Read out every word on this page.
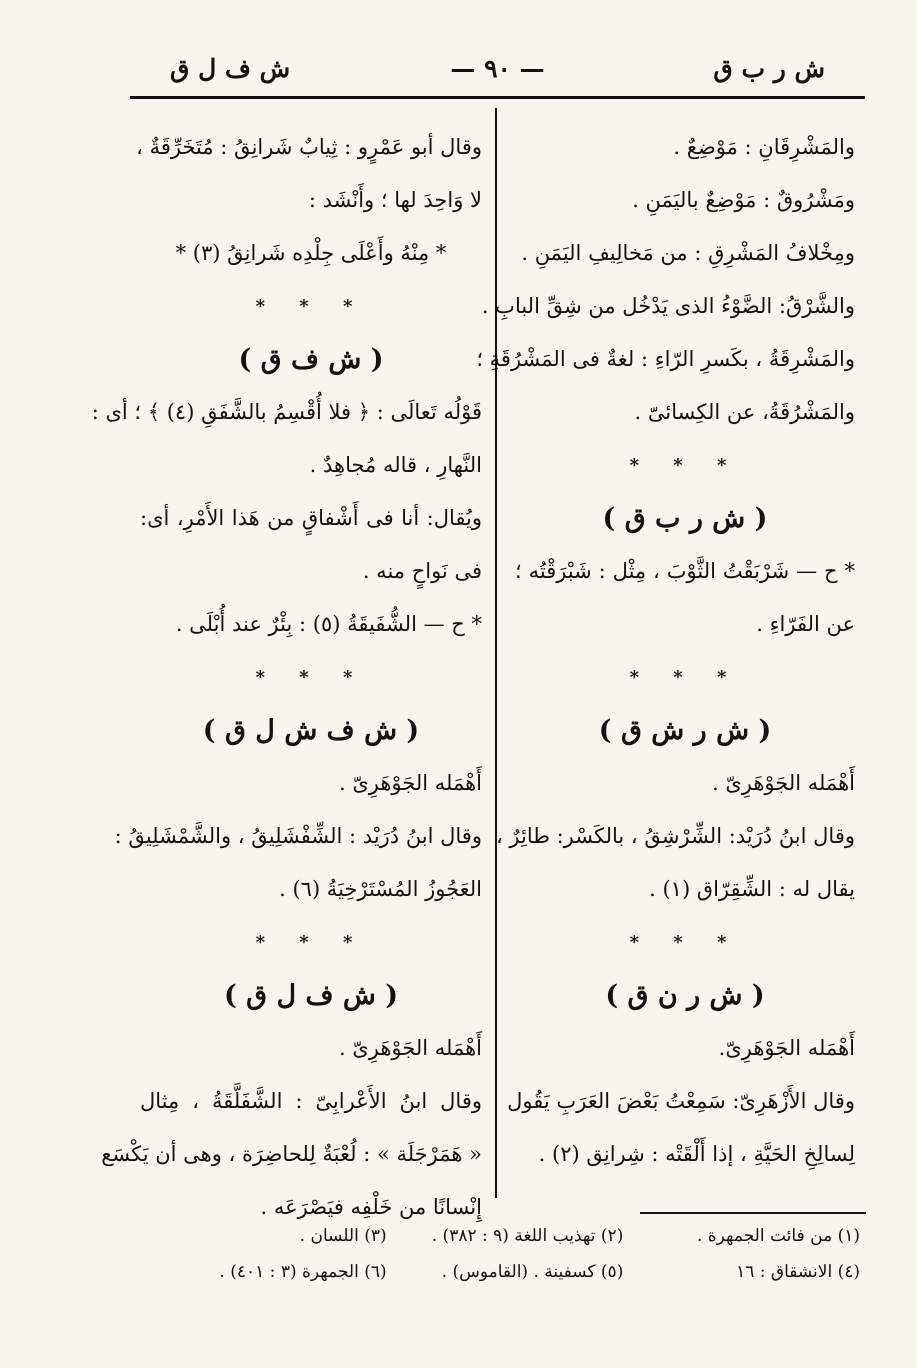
ش ر ب ق
— ٩٠ —
ش ف ل ق
والمَشْرِقَانِ : مَوْضِعٌ .
ومَشْرُوقٌ : مَوْضِعٌ باليَمَنِ .
ومِخْلافُ المَشْرِقِ : من مَخالِيفِ اليَمَنِ .
والشَّرْقُ: الضَّوْءُ الذى يَدْخُل من شِقِّ البابِ .
والمَشْرِقَةُ ، بكَسرِ الرّاءِ : لغةٌ فى المَشْرُقَةِ ؛
والمَشْرُقَةُ، عن الكِسائىّ .
* * *
( ش ر ب ق )
* ح — شَرْبَقْتُ الثَّوْبَ ، مِثْل : شَبْرَقْتُه ؛
عن الفَرّاءِ .
* * *
( ش ر ش ق )
أَهْمَله الجَوْهَرِىّ .
وقال ابنُ دُرَيْد: الشِّرْشِقُ ، بالكَسْر: طائِرٌ ،
يقال له : الشِّقِرّاق (١) .
* * *
( ش ر ن ق )
أَهْمَله الجَوْهَرِىّ.
وقال الأَزْهَرِىّ: سَمِعْتُ بَعْضَ العَرَبِ يَقُول
لِسالِخِ الحَيَّةِ ، إذا أَلْقَتْه : شِرانِق (٢) .
وقال أبو عَمْرٍو : ثِيابٌ شَرانِقُ : مُتَخَرِّقَةٌ ،
لا وَاحِدَ لها ؛ وأَنْشَد :
* مِنْهُ وأَعْلَى جِلْدِه شَرانِقُ (٣) *
* * *
( ش ف ق )
قَوْلُه تَعالَى : ﴿ فلا أُقْسِمُ بالشَّفَقِ (٤) ﴾ ؛ أى :
النَّهارِ ، قاله مُجاهِدٌ .
ويُقال: أنا فى أَشْفاقٍ من هَذا الأَمْرِ، أى:
فى نَواحٍ منه .
* ح — الشُّفَيقَةُ (٥) : بِئْرٌ عند أُبْلَى .
* * *
( ش ف ش ل ق )
أَهْمَله الجَوْهَرِىّ .
وقال ابنُ دُرَيْد : الشِّفْشَلِيقُ ، والشَّمْشَلِيقُ :
العَجُوزُ المُسْتَرْخِيَةُ (٦) .
* * *
( ش ف ل ق )
أَهْمَله الجَوْهَرِىّ .
وقال ابنُ الأَعْرابِىّ : الشَّفَلَّقَةُ ، مِثال
« هَمَرْجَلَة » : لُعْبَةٌ لِلحاضِرَة ، وهى أن يَكْسَع
إِنْسانًا من خَلْفِه فيَصْرَعَه .
(١) من فائت الجمهرة .
(٢) تهذيب اللغة (٩ : ٣٨٢) .
(٣) اللسان .
(٤) الانشقاق : ١٦
(٥) كسفينة . (القاموس) .
(٦) الجمهرة (٣ : ٤٠١) .
